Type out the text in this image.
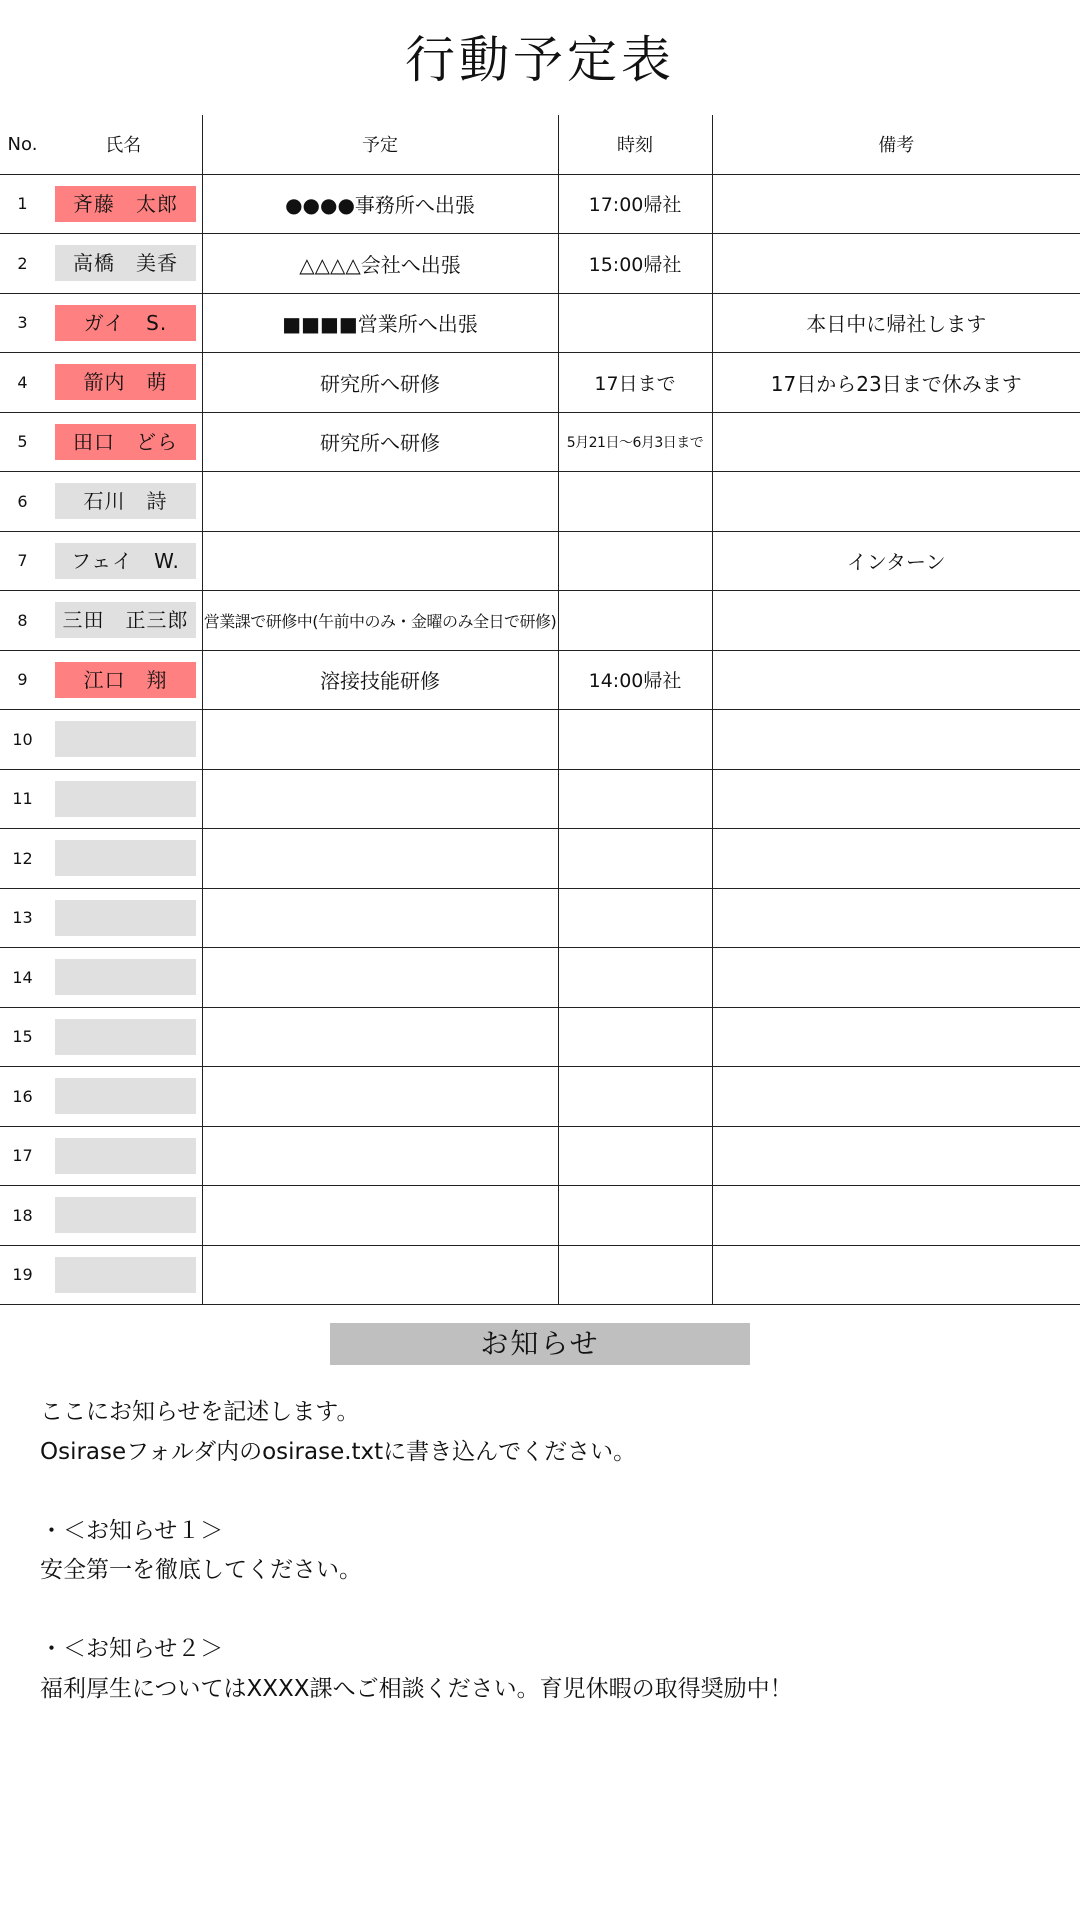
行動予定表
No.	氏名	予定	時刻	備考
1	斉藤　太郎	●●●●事務所へ出張	17:00帰社	
2	高橋　美香	△△△△会社へ出張	15:00帰社	
3	ガイ　S.	■■■■営業所へ出張		本日中に帰社します
4	箭内　萌	研究所へ研修	17日まで	17日から23日まで休みます
5	田口　どら	研究所へ研修	5月21日～6月3日まで	
6	石川　詩			

7	フェイ　W.			インターン
8	三田　正三郎	営業課で研修中(午前中のみ・金曜のみ全日で研修)		
9	江口　翔	溶接技能研修	14:00帰社	
10	

11	

12	

13	

14	

15	

16	

17	

18	

19	

お知らせ
ここにお知らせを記述します。
Osiraseフォルダ内のosirase.txtに書き込んでください。
・＜お知らせ１＞
安全第一を徹底してください。
・＜お知らせ２＞
福利厚生についてはXXXX課へご相談ください。育児休暇の取得奨励中！
